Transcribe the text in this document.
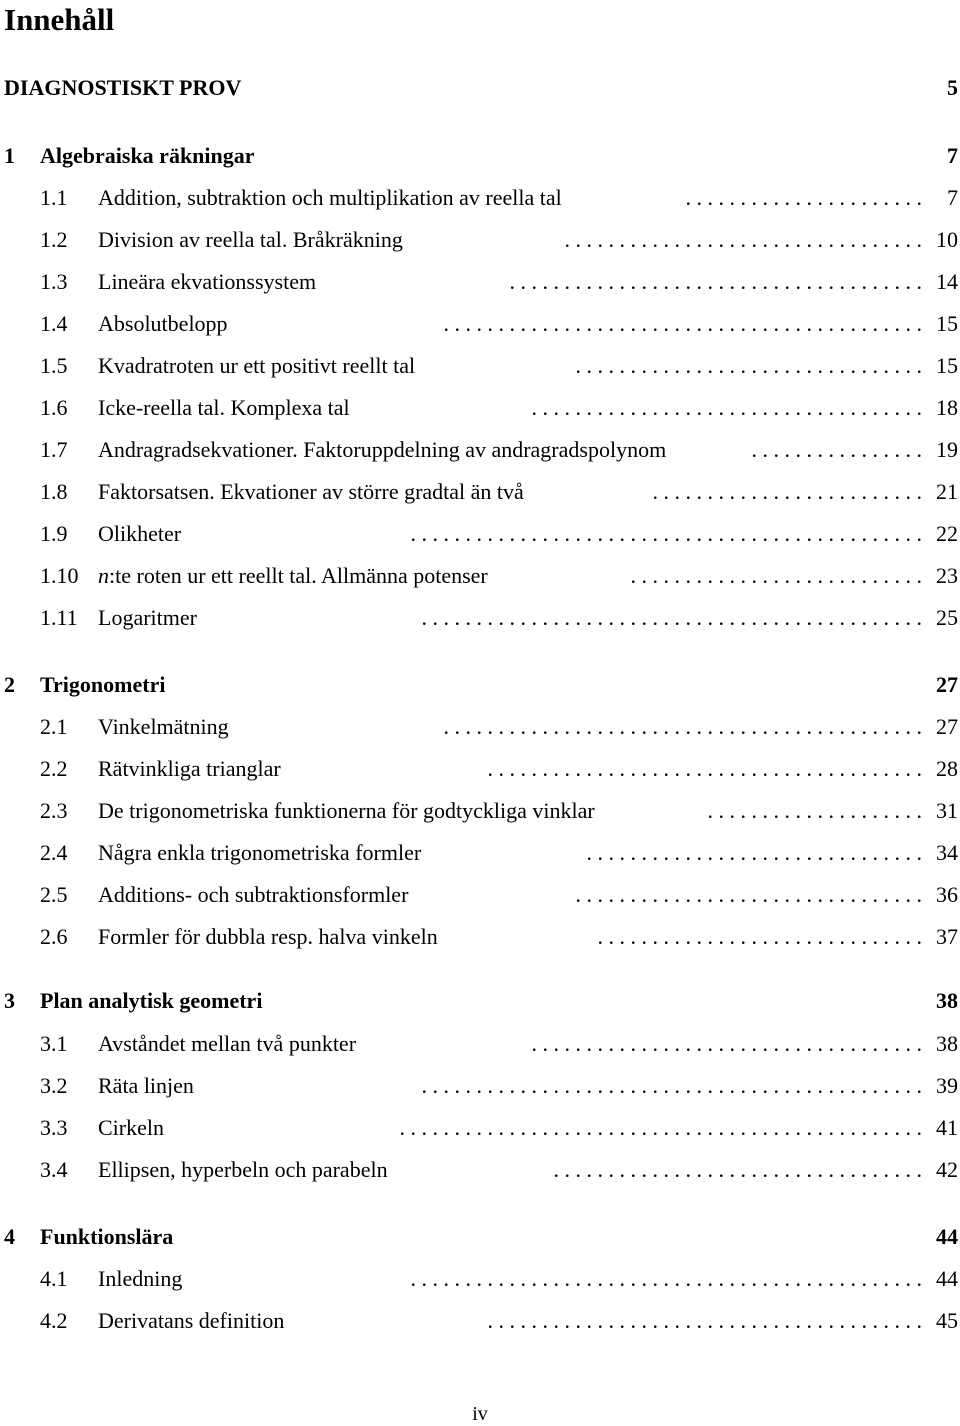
Innehåll
DIAGNOSTISKT PROV	5
1 Algebraiska räkningar	7
1.1 Addition, subtraktion och multiplikation av reella tal	7
. . . . . . . . . . . . . . . . . . . . . .
1.2 Division av reella tal. Bråkräkning	10
. . . . . . . . . . . . . . . . . . . . . . . . . . . . . . . . .
1.3 Lineära ekvationssystem	14
. . . . . . . . . . . . . . . . . . . . . . . . . . . . . . . . . . . . . .
1.4 Absolutbelopp	15
. . . . . . . . . . . . . . . . . . . . . . . . . . . . . . . . . . . . . . . . . . . .
1.5 Kvadratroten ur ett positivt reellt tal	15
. . . . . . . . . . . . . . . . . . . . . . . . . . . . . . . .
1.6 Icke-reella tal. Komplexa tal	18
. . . . . . . . . . . . . . . . . . . . . . . . . . . . . . . . . . . .
1.7 Andragradsekvationer. Faktoruppdelning av andragradspolynom	19
. . . . . . . . . . . . . . . .
1.8 Faktorsatsen. Ekvationer av större gradtal än två	21
. . . . . . . . . . . . . . . . . . . . . . . . .
1.9 Olikheter	22
. . . . . . . . . . . . . . . . . . . . . . . . . . . . . . . . . . . . . . . . . . . . . . .
1.10 n:te roten ur ett reellt tal. Allmänna potenser	23
. . . . . . . . . . . . . . . . . . . . . . . . . . .
1.11 Logaritmer	25
. . . . . . . . . . . . . . . . . . . . . . . . . . . . . . . . . . . . . . . . . . . . . .
2 Trigonometri	27
2.1 Vinkelmätning	27
. . . . . . . . . . . . . . . . . . . . . . . . . . . . . . . . . . . . . . . . . . . .
2.2 Rätvinkliga trianglar	28
. . . . . . . . . . . . . . . . . . . . . . . . . . . . . . . . . . . . . . . .
2.3 De trigonometriska funktionerna för godtyckliga vinklar	31
. . . . . . . . . . . . . . . . . . . .
2.4 Några enkla trigonometriska formler	34
. . . . . . . . . . . . . . . . . . . . . . . . . . . . . . .
2.5 Additions- och subtraktionsformler	36
. . . . . . . . . . . . . . . . . . . . . . . . . . . . . . . .
2.6 Formler för dubbla resp. halva vinkeln	37
. . . . . . . . . . . . . . . . . . . . . . . . . . . . . .
3 Plan analytisk geometri	38
3.1 Avståndet mellan två punkter	38
. . . . . . . . . . . . . . . . . . . . . . . . . . . . . . . . . . . .
3.2 Räta linjen	39
. . . . . . . . . . . . . . . . . . . . . . . . . . . . . . . . . . . . . . . . . . . . . .
3.3 Cirkeln	41
. . . . . . . . . . . . . . . . . . . . . . . . . . . . . . . . . . . . . . . . . . . . . . . .
3.4 Ellipsen, hyperbeln och parabeln	42
. . . . . . . . . . . . . . . . . . . . . . . . . . . . . . . . . .
4 Funktionslära	44
4.1 Inledning	44
. . . . . . . . . . . . . . . . . . . . . . . . . . . . . . . . . . . . . . . . . . . . . . .
4.2 Derivatans definition	45
. . . . . . . . . . . . . . . . . . . . . . . . . . . . . . . . . . . . . . . .
iv
